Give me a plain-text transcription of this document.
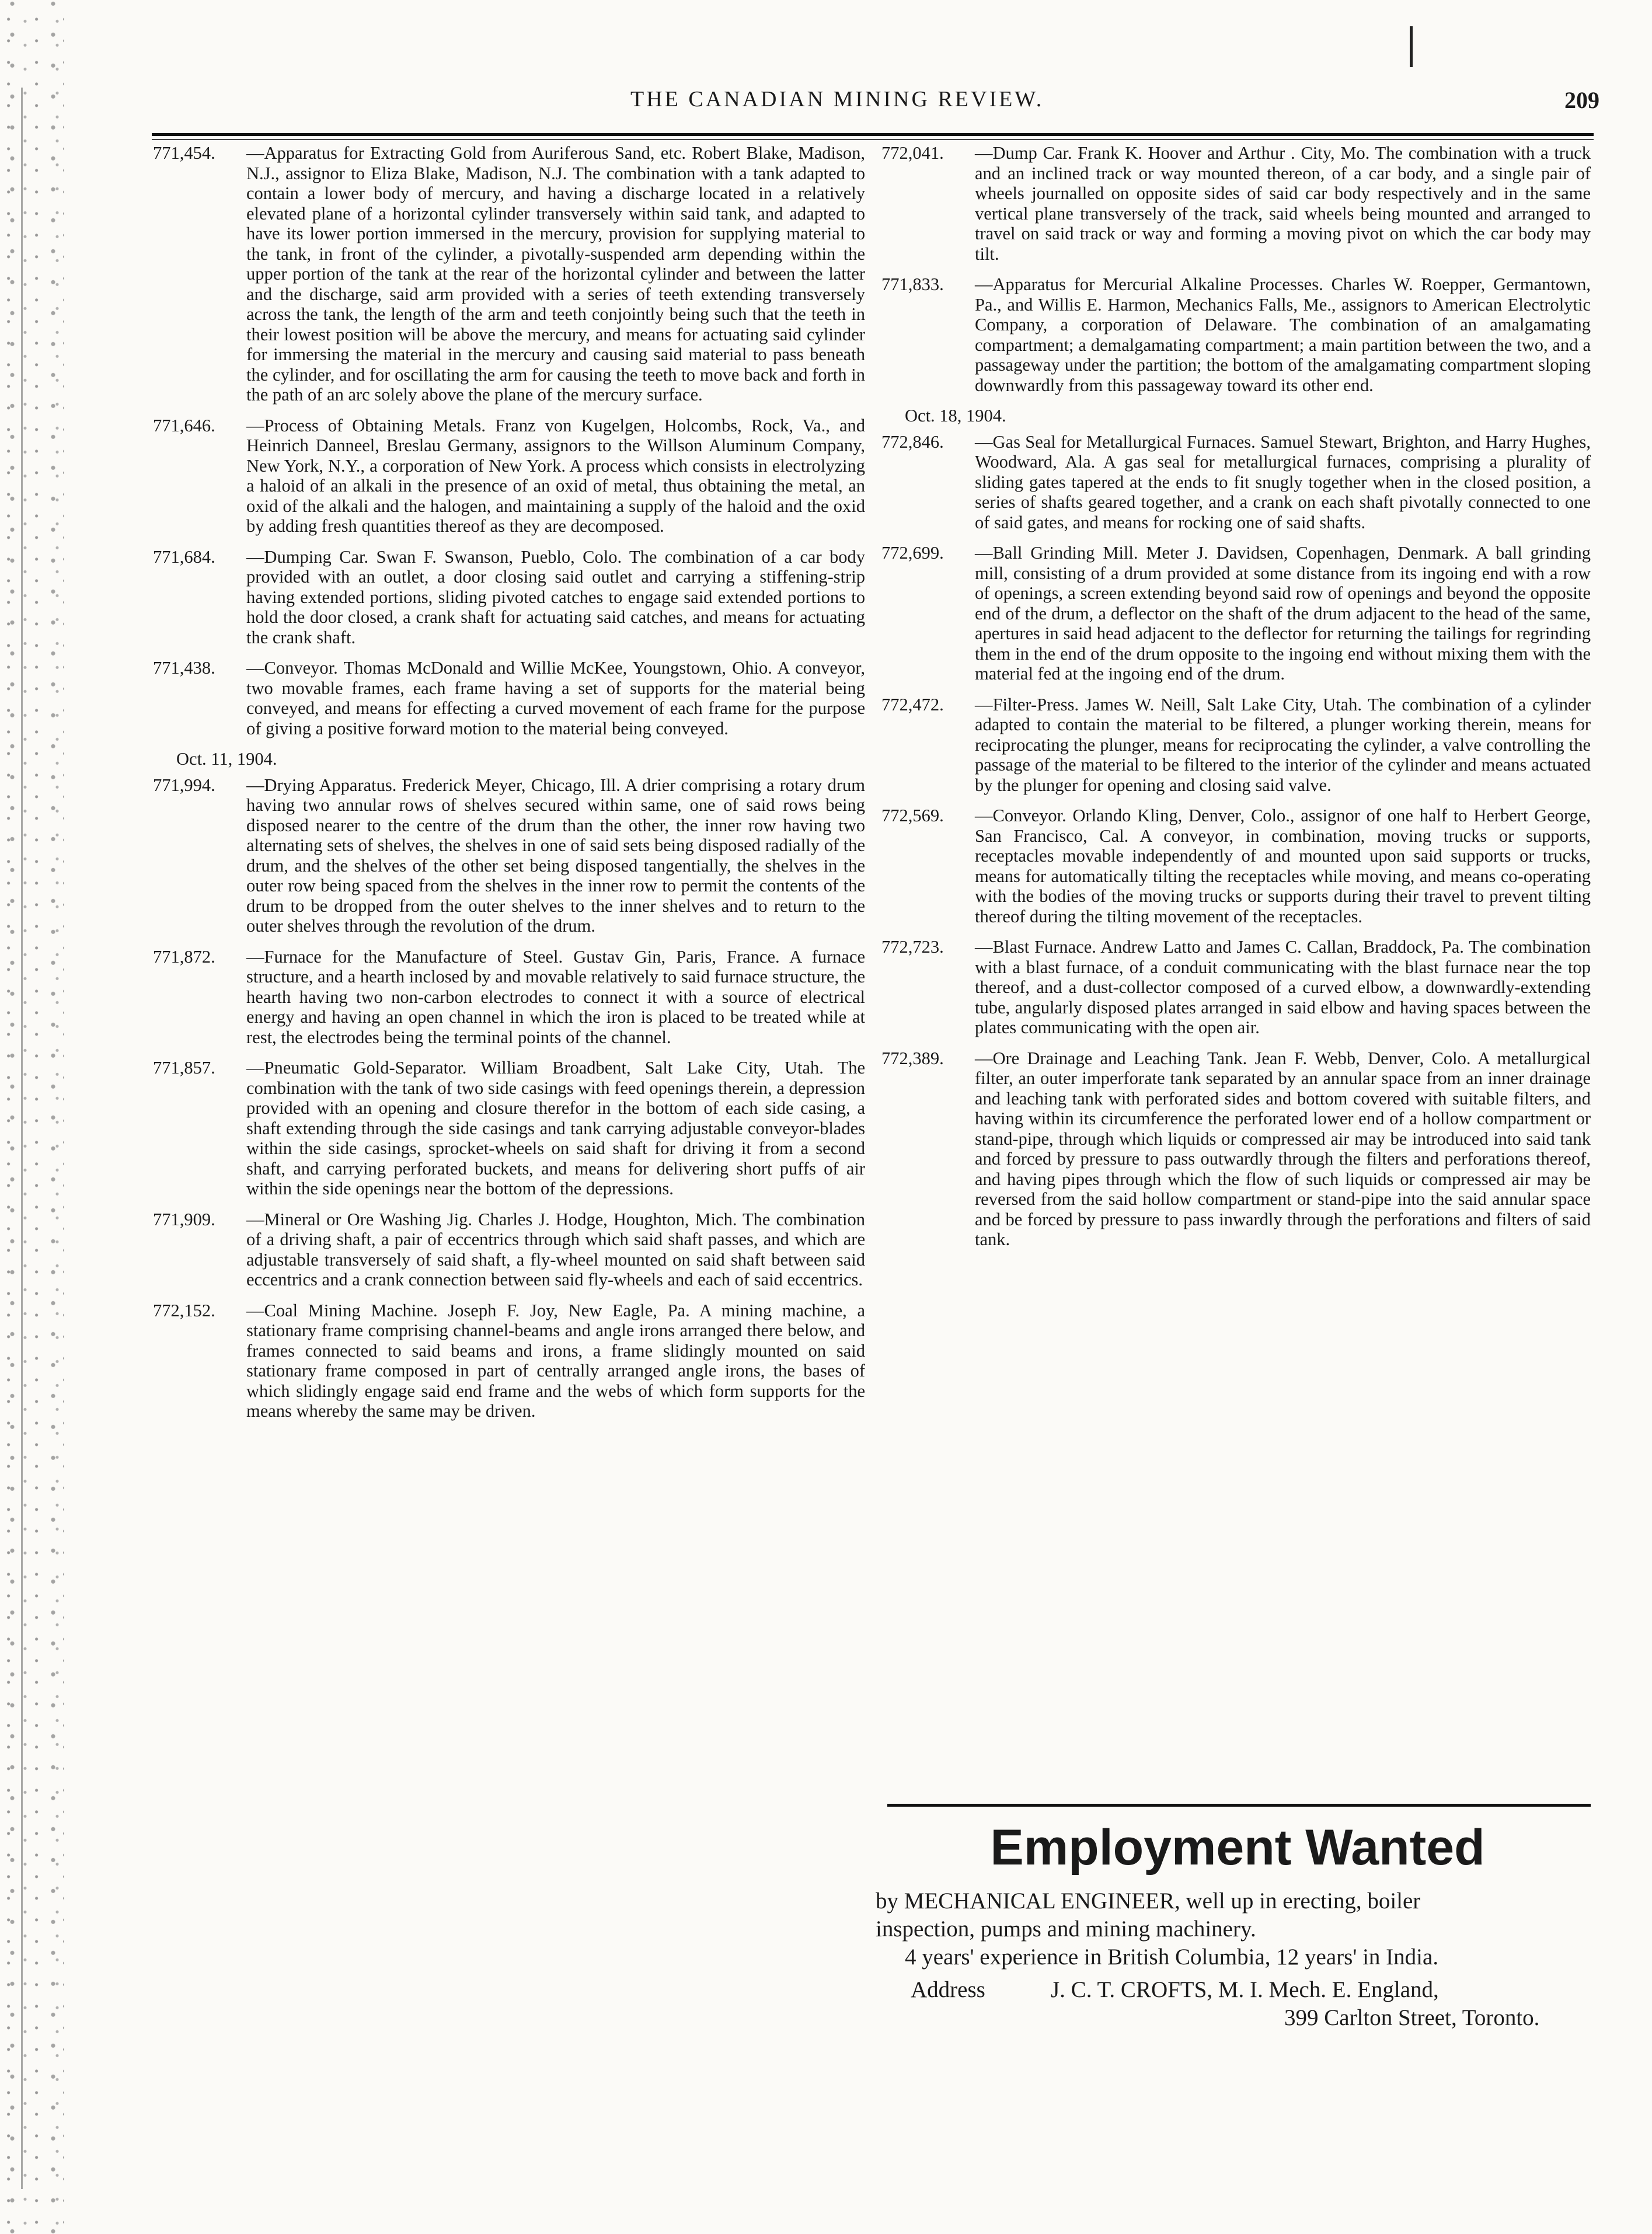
THE CANADIAN MINING REVIEW.	209
771,454.	—Apparatus for Extracting Gold from Auriferous Sand, etc. Robert Blake, Madison, N.J., assignor to Eliza Blake, Madison, N.J. The combination with a tank adapted to contain a lower body of mercury, and having a discharge located in a relatively elevated plane of a horizontal cylinder transversely within said tank, and adapted to have its lower portion immersed in the mercury, provision for supplying material to the tank, in front of the cylinder, a pivotally-suspended arm depending within the upper portion of the tank at the rear of the horizontal cylinder and between the latter and the discharge, said arm provided with a series of teeth extending transversely across the tank, the length of the arm and teeth conjointly being such that the teeth in their lowest position will be above the mercury, and means for actuating said cylinder for immersing the material in the mercury and causing said material to pass beneath the cylinder, and for oscillating the arm for causing the teeth to move back and forth in the path of an arc solely above the plane of the mercury surface.
771,646.	—Process of Obtaining Metals. Franz von Kugelgen, Holcombs, Rock, Va., and Heinrich Danneel, Breslau Germany, assignors to the Willson Aluminum Company, New York, N.Y., a corporation of New York. A process which consists in electrolyzing a haloid of an alkali in the presence of an oxid of metal, thus obtaining the metal, an oxid of the alkali and the halogen, and maintaining a supply of the haloid and the oxid by adding fresh quantities thereof as they are decomposed.
771,684.	—Dumping Car. Swan F. Swanson, Pueblo, Colo. The combination of a car body provided with an outlet, a door closing said outlet and carrying a stiffening-strip having extended portions, sliding pivoted catches to engage said extended portions to hold the door closed, a crank shaft for actuating said catches, and means for actuating the crank shaft.
771,438.	—Conveyor. Thomas McDonald and Willie McKee, Youngstown, Ohio. A conveyor, two movable frames, each frame having a set of supports for the material being conveyed, and means for effecting a curved movement of each frame for the purpose of giving a positive forward motion to the material being conveyed.
Oct. 11, 1904.
771,994.	—Drying Apparatus. Frederick Meyer, Chicago, Ill. A drier comprising a rotary drum having two annular rows of shelves secured within same, one of said rows being disposed nearer to the centre of the drum than the other, the inner row having two alternating sets of shelves, the shelves in one of said sets being disposed radially of the drum, and the shelves of the other set being disposed tangentially, the shelves in the outer row being spaced from the shelves in the inner row to permit the contents of the drum to be dropped from the outer shelves to the inner shelves and to return to the outer shelves through the revolution of the drum.
771,872.	—Furnace for the Manufacture of Steel. Gustav Gin, Paris, France. A furnace structure, and a hearth inclosed by and movable relatively to said furnace structure, the hearth having two non-carbon electrodes to connect it with a source of electrical energy and having an open channel in which the iron is placed to be treated while at rest, the electrodes being the terminal points of the channel.
771,857.	—Pneumatic Gold-Separator. William Broadbent, Salt Lake City, Utah. The combination with the tank of two side casings with feed openings therein, a depression provided with an opening and closure therefor in the bottom of each side casing, a shaft extending through the side casings and tank carrying adjustable conveyor-blades within the side casings, sprocket-wheels on said shaft for driving it from a second shaft, and carrying perforated buckets, and means for delivering short puffs of air within the side openings near the bottom of the depressions.
771,909.	—Mineral or Ore Washing Jig. Charles J. Hodge, Houghton, Mich. The combination of a driving shaft, a pair of eccentrics through which said shaft passes, and which are adjustable transversely of said shaft, a fly-wheel mounted on said shaft between said eccentrics and a crank connection between said fly-wheels and each of said eccentrics.
772,152.	—Coal Mining Machine. Joseph F. Joy, New Eagle, Pa. A mining machine, a stationary frame comprising channel-beams and angle irons arranged there below, and frames connected to said beams and irons, a frame slidingly mounted on said stationary frame composed in part of centrally arranged angle irons, the bases of which slidingly engage said end frame and the webs of which form supports for the means whereby the same may be driven.
772,041.	—Dump Car. Frank K. Hoover and Arthur . City, Mo. The combination with a truck and an inclined track or way mounted thereon, of a car body, and a single pair of wheels journalled on opposite sides of said car body respectively and in the same vertical plane transversely of the track, said wheels being mounted and arranged to travel on said track or way and forming a moving pivot on which the car body may tilt.
771,833.	—Apparatus for Mercurial Alkaline Processes. Charles W. Roepper, Germantown, Pa., and Willis E. Harmon, Mechanics Falls, Me., assignors to American Electrolytic Company, a corporation of Delaware. The combination of an amalgamating compartment; a demalgamating compartment; a main partition between the two, and a passageway under the partition; the bottom of the amalgamating compartment sloping downwardly from this passageway toward its other end.
Oct. 18, 1904.
772,846.	—Gas Seal for Metallurgical Furnaces. Samuel Stewart, Brighton, and Harry Hughes, Woodward, Ala. A gas seal for metallurgical furnaces, comprising a plurality of sliding gates tapered at the ends to fit snugly together when in the closed position, a series of shafts geared together, and a crank on each shaft pivotally connected to one of said gates, and means for rocking one of said shafts.
772,699.	—Ball Grinding Mill. Meter J. Davidsen, Copenhagen, Denmark. A ball grinding mill, consisting of a drum provided at some distance from its ingoing end with a row of openings, a screen extending beyond said row of openings and beyond the opposite end of the drum, a deflector on the shaft of the drum adjacent to the head of the same, apertures in said head adjacent to the deflector for returning the tailings for regrinding them in the end of the drum opposite to the ingoing end without mixing them with the material fed at the ingoing end of the drum.
772,472.	—Filter-Press. James W. Neill, Salt Lake City, Utah. The combination of a cylinder adapted to contain the material to be filtered, a plunger working therein, means for reciprocating the plunger, means for reciprocating the cylinder, a valve controlling the passage of the material to be filtered to the interior of the cylinder and means actuated by the plunger for opening and closing said valve.
772,569.	—Conveyor. Orlando Kling, Denver, Colo., assignor of one half to Herbert George, San Francisco, Cal. A conveyor, in combination, moving trucks or supports, receptacles movable independently of and mounted upon said supports or trucks, means for automatically tilting the receptacles while moving, and means co-operating with the bodies of the moving trucks or supports during their travel to prevent tilting thereof during the tilting movement of the receptacles.
772,723.	—Blast Furnace. Andrew Latto and James C. Callan, Braddock, Pa. The combination with a blast furnace, of a conduit communicating with the blast furnace near the top thereof, and a dust-collector composed of a curved elbow, a downwardly-extending tube, angularly disposed plates arranged in said elbow and having spaces between the plates communicating with the open air.
772,389.	—Ore Drainage and Leaching Tank. Jean F. Webb, Denver, Colo. A metallurgical filter, an outer imperforate tank separated by an annular space from an inner drainage and leaching tank with perforated sides and bottom covered with suitable filters, and having within its circumference the perforated lower end of a hollow compartment or stand-pipe, through which liquids or compressed air may be introduced into said tank and forced by pressure to pass outwardly through the filters and perforations thereof, and having pipes through which the flow of such liquids or compressed air may be reversed from the said hollow compartment or stand-pipe into the said annular space and be forced by pressure to pass inwardly through the perforations and filters of said tank.
Employment Wanted

by MECHANICAL ENGINEER, well up in erecting, boiler

inspection, pumps and mining machinery.

4 years' experience in British Columbia, 12 years' in India.

Address	J. C. T. CROFTS, M. I. Mech. E. England,
399 Carlton Street, Toronto.
